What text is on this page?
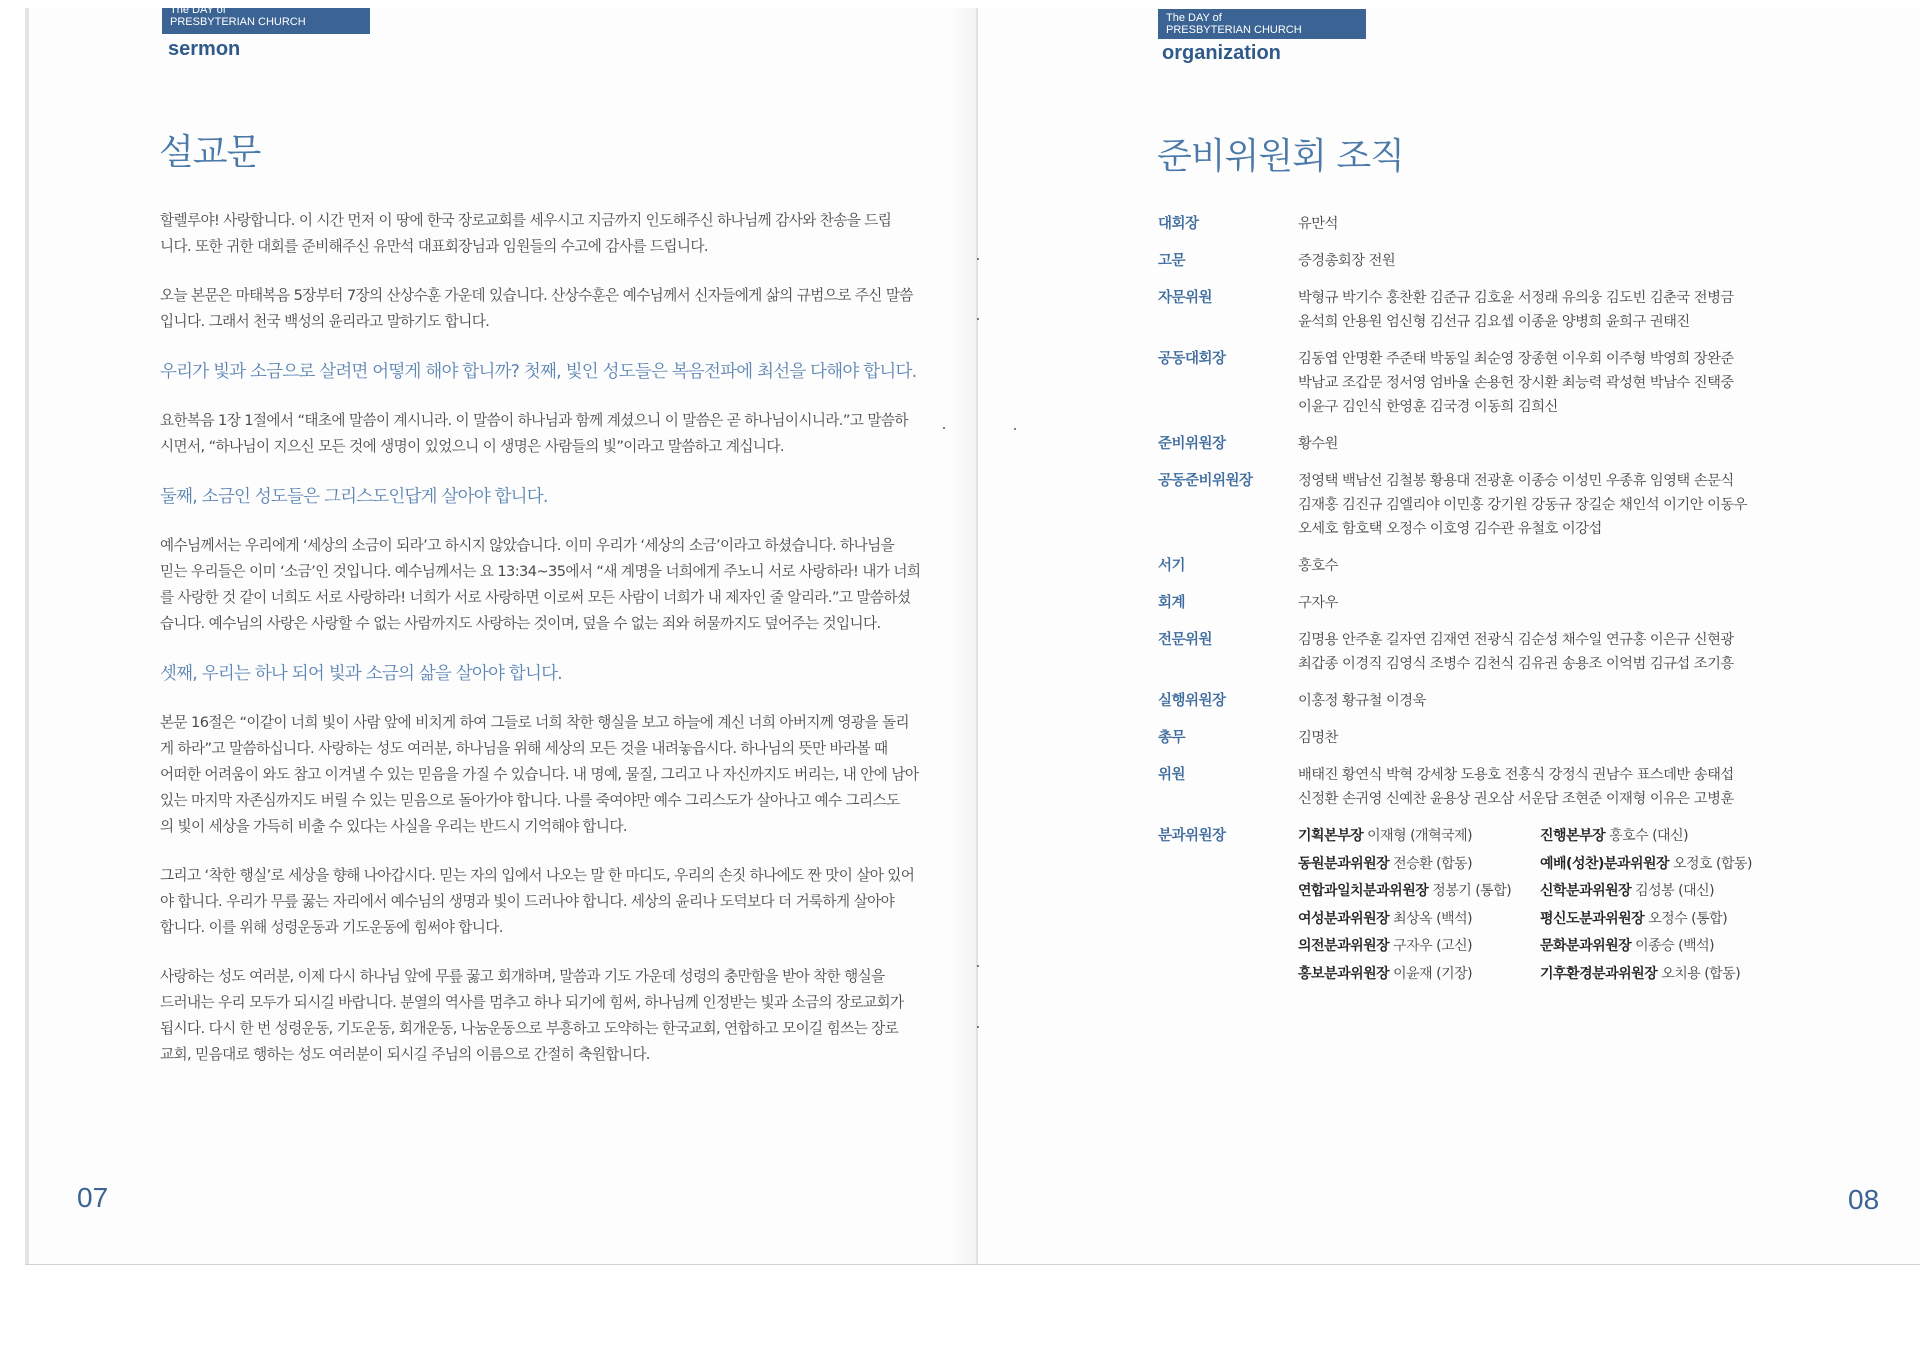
The DAY of
PRESBYTERIAN CHURCH
sermon
설교문
할렐루야! 사랑합니다. 이 시간 먼저 이 땅에 한국 장로교회를 세우시고 지금까지 인도해주신 하나님께 감사와 찬송을 드립
니다. 또한 귀한 대회를 준비해주신 유만석 대표회장님과 임원들의 수고에 감사를 드립니다.
오늘 본문은 마태복음 5장부터 7장의 산상수훈 가운데 있습니다. 산상수훈은 예수님께서 신자들에게 삶의 규범으로 주신 말씀
입니다. 그래서 천국 백성의 윤리라고 말하기도 합니다.
우리가 빛과 소금으로 살려면 어떻게 해야 합니까? 첫째, 빛인 성도들은 복음전파에 최선을 다해야 합니다.
요한복음 1장 1절에서 “태초에 말씀이 계시니라. 이 말씀이 하나님과 함께 계셨으니 이 말씀은 곧 하나님이시니라.”고 말씀하
시면서, “하나님이 지으신 모든 것에 생명이 있었으니 이 생명은 사람들의 빛”이라고 말씀하고 계십니다.
둘째, 소금인 성도들은 그리스도인답게 살아야 합니다.
예수님께서는 우리에게 ‘세상의 소금이 되라’고 하시지 않았습니다. 이미 우리가 ‘세상의 소금’이라고 하셨습니다. 하나님을
믿는 우리들은 이미 ‘소금’인 것입니다. 예수님께서는 요 13:34~35에서 “새 계명을 너희에게 주노니 서로 사랑하라! 내가 너희
를 사랑한 것 같이 너희도 서로 사랑하라! 너희가 서로 사랑하면 이로써 모든 사람이 너희가 내 제자인 줄 알리라.”고 말씀하셨
습니다. 예수님의 사랑은 사랑할 수 없는 사람까지도 사랑하는 것이며, 덮을 수 없는 죄와 허물까지도 덮어주는 것입니다.
셋째, 우리는 하나 되어 빛과 소금의 삶을 살아야 합니다.
본문 16절은 “이같이 너희 빛이 사람 앞에 비치게 하여 그들로 너희 착한 행실을 보고 하늘에 계신 너희 아버지께 영광을 돌리
게 하라”고 말씀하십니다. 사랑하는 성도 여러분, 하나님을 위해 세상의 모든 것을 내려놓읍시다. 하나님의 뜻만 바라볼 때
어떠한 어려움이 와도 참고 이겨낼 수 있는 믿음을 가질 수 있습니다. 내 명예, 물질, 그리고 나 자신까지도 버리는, 내 안에 남아
있는 마지막 자존심까지도 버릴 수 있는 믿음으로 돌아가야 합니다. 나를 죽여야만 예수 그리스도가 살아나고 예수 그리스도
의 빛이 세상을 가득히 비출 수 있다는 사실을 우리는 반드시 기억해야 합니다.
그리고 ‘착한 행실’로 세상을 향해 나아갑시다. 믿는 자의 입에서 나오는 말 한 마디도, 우리의 손짓 하나에도 짠 맛이 살아 있어
야 합니다. 우리가 무릎 꿇는 자리에서 예수님의 생명과 빛이 드러나야 합니다. 세상의 윤리나 도덕보다 더 거룩하게 살아야
합니다. 이를 위해 성령운동과 기도운동에 힘써야 합니다.
사랑하는 성도 여러분, 이제 다시 하나님 앞에 무릎 꿇고 회개하며, 말씀과 기도 가운데 성령의 충만함을 받아 착한 행실을
드러내는 우리 모두가 되시길 바랍니다. 분열의 역사를 멈추고 하나 되기에 힘써, 하나님께 인정받는 빛과 소금의 장로교회가
됩시다. 다시 한 번 성령운동, 기도운동, 회개운동, 나눔운동으로 부흥하고 도약하는 한국교회, 연합하고 모이길 힘쓰는 장로
교회, 믿음대로 행하는 성도 여러분이 되시길 주님의 이름으로 간절히 축원합니다.
07
The DAY of
PRESBYTERIAN CHURCH
organization
준비위원회 조직
대회장	유만석
고문	증경총회장 전원
자문위원	박형규 박기수 홍찬환 김준규 김호윤 서정래 유의웅 김도빈 김춘국 전병금
윤석희 안용원 엄신형 김선규 김요셉 이종윤 양병희 윤희구 권태진
공동대회장	김동엽 안명환 주준태 박동일 최순영 장종현 이우회 이주형 박영희 장완준
박남교 조갑문 정서영 엄바울 손용헌 장시환 최능력 곽성현 박남수 진택중
이윤구 김인식 한영훈 김국경 이동희 김희신
준비위원장	황수원
공동준비위원장	정영택 백남선 김철봉 황용대 전광훈 이종승 이성민 우종휴 임영택 손문식
김재홍 김진규 김엘리야 이민홍 강기원 강동규 장길순 채인석 이기안 이동우
오세호 함호택 오정수 이호영 김수관 유철호 이강섭
서기	홍호수
회계	구자우
전문위원	김명용 안주훈 길자연 김재연 전광식 김순성 채수일 연규홍 이은규 신현광
최갑종 이경직 김영식 조병수 김천식 김유권 송용조 이억범 김규섭 조기흥
실행위원장	이홍정 황규철 이경욱
총무	김명찬
위원	배태진 황연식 박혁 강세창 도용호 전홍식 강정식 권남수 표스데반 송태섭
신정환 손귀영 신예찬 윤용상 권오삼 서운담 조현준 이재형 이유은 고병훈
분과위원장	기획본부장 이재형 (개혁국제)	진행본부장 홍호수 (대신)
동원분과위원장 전승환 (합동)	예배(성찬)분과위원장 오정호 (합동)
연합과일치분과위원장 정봉기 (통합)	신학분과위원장 김성봉 (대신)
여성분과위원장 최상옥 (백석)	평신도분과위원장 오정수 (통합)
의전분과위원장 구자우 (고신)	문화분과위원장 이종승 (백석)
홍보분과위원장 이윤재 (기장)	기후환경분과위원장 오치용 (합동)
08
